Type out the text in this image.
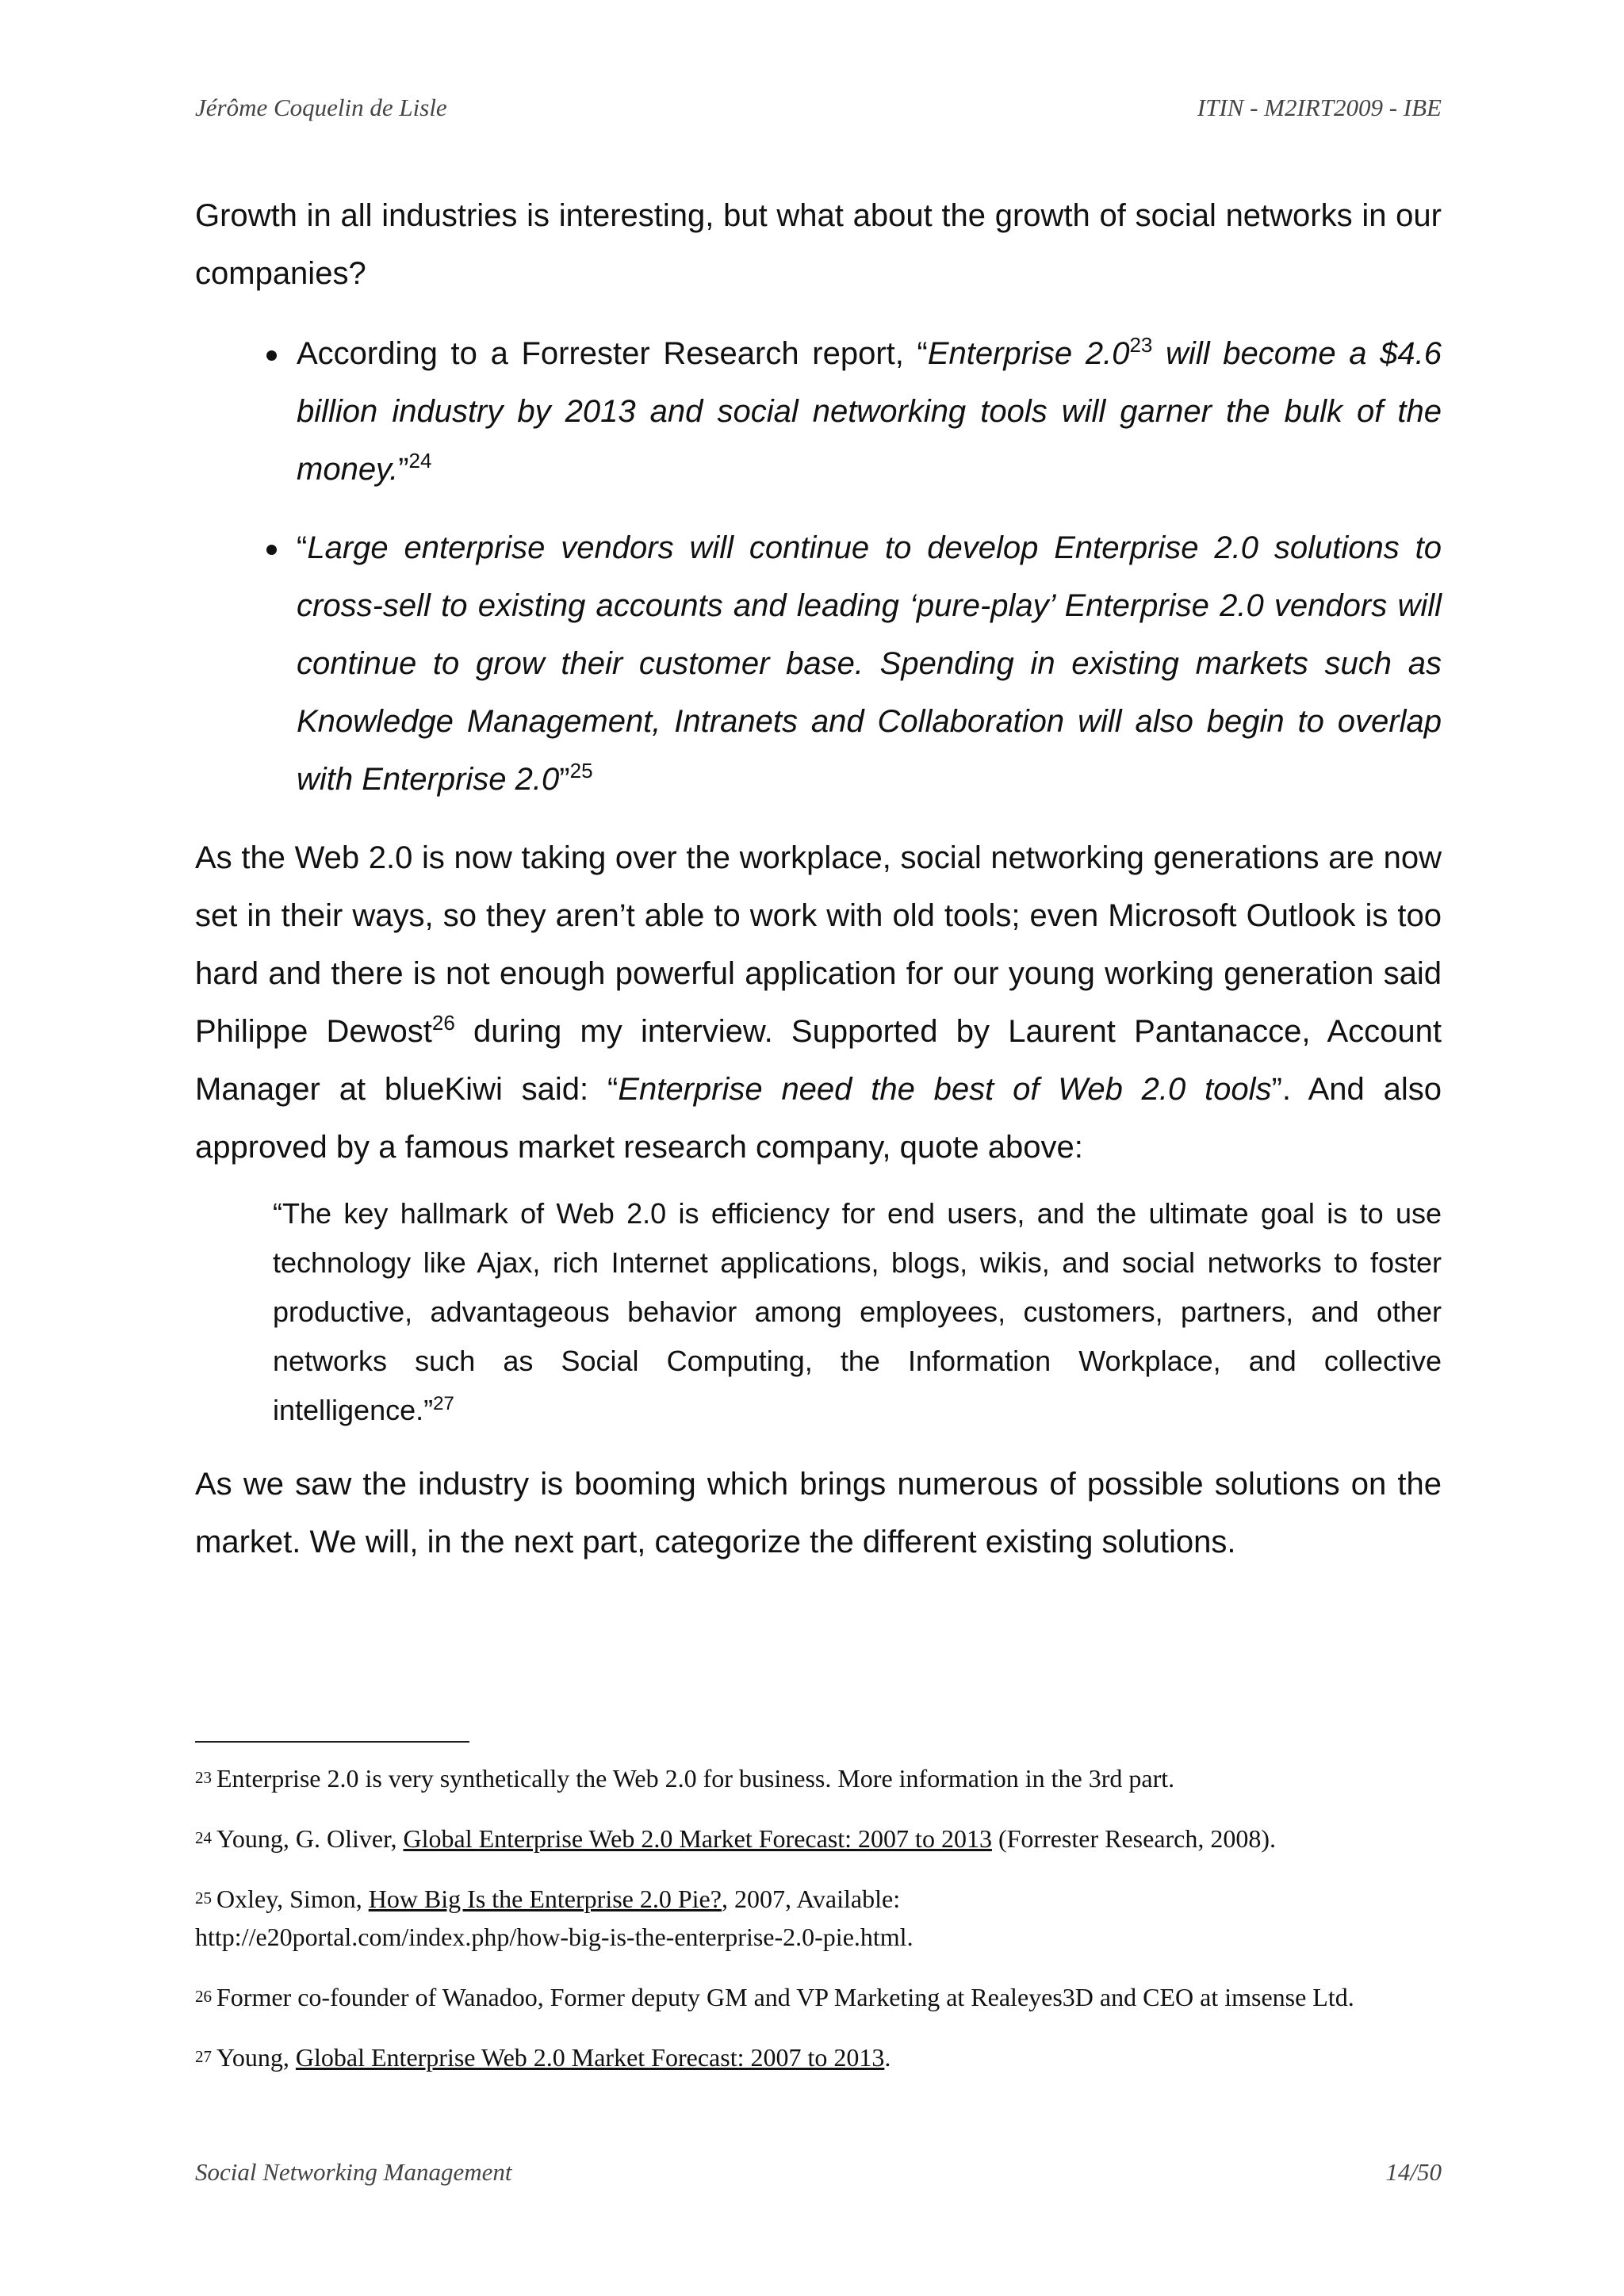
Jérôme Coquelin de Lisle	ITIN - M2IRT2009 - IBE

Growth in all industries is interesting, but what about the growth of social networks in our companies?

According to a Forrester Research report, “Enterprise $2.0^{23}$ will become a $4.6 billion industry by 2013 and social networking tools will garner the bulk of the money.”$^{24}$
“Large enterprise vendors will continue to develop Enterprise 2.0 solutions to cross-sell to existing accounts and leading ‘pure-play’ Enterprise 2.0 vendors will continue to grow their customer base. Spending in existing markets such as Knowledge Management, Intranets and Collaboration will also begin to overlap with Enterprise 2.0”$^{25}$

As the Web 2.0 is now taking over the workplace, social networking generations are now set in their ways, so they aren’t able to work with old tools; even Microsoft Outlook is too hard and there is not enough powerful application for our young working generation said Philippe Dewost$^{26}$ during my interview. Supported by Laurent Pantanacce, Account Manager at blueKiwi said: “Enterprise need the best of Web 2.0 tools”. And also approved by a famous market research company, quote above:

“The key hallmark of Web 2.0 is efficiency for end users, and the ultimate goal is to use technology like Ajax, rich Internet applications, blogs, wikis, and social networks to foster productive, advantageous behavior among employees, customers, partners, and other networks such as Social Computing, the Information Workplace, and collective intelligence.”$^{27}$

As we saw the industry is booming which brings numerous of possible solutions on the market. We will, in the next part, categorize the different existing solutions.

23 Enterprise 2.0 is very synthetically the Web 2.0 for business. More information in the 3rd part.
24 Young, G. Oliver, Global Enterprise Web 2.0 Market Forecast: 2007 to 2013 (Forrester Research, 2008).
25 Oxley, Simon, How Big Is the Enterprise 2.0 Pie?, 2007, Available:
http://e20portal.com/index.php/how-big-is-the-enterprise-2.0-pie.html.
26 Former co-founder of Wanadoo, Former deputy GM and VP Marketing at Realeyes3D and CEO at imsense Ltd.
27 Young, Global Enterprise Web 2.0 Market Forecast: 2007 to 2013.
Social Networking Management	14/50
